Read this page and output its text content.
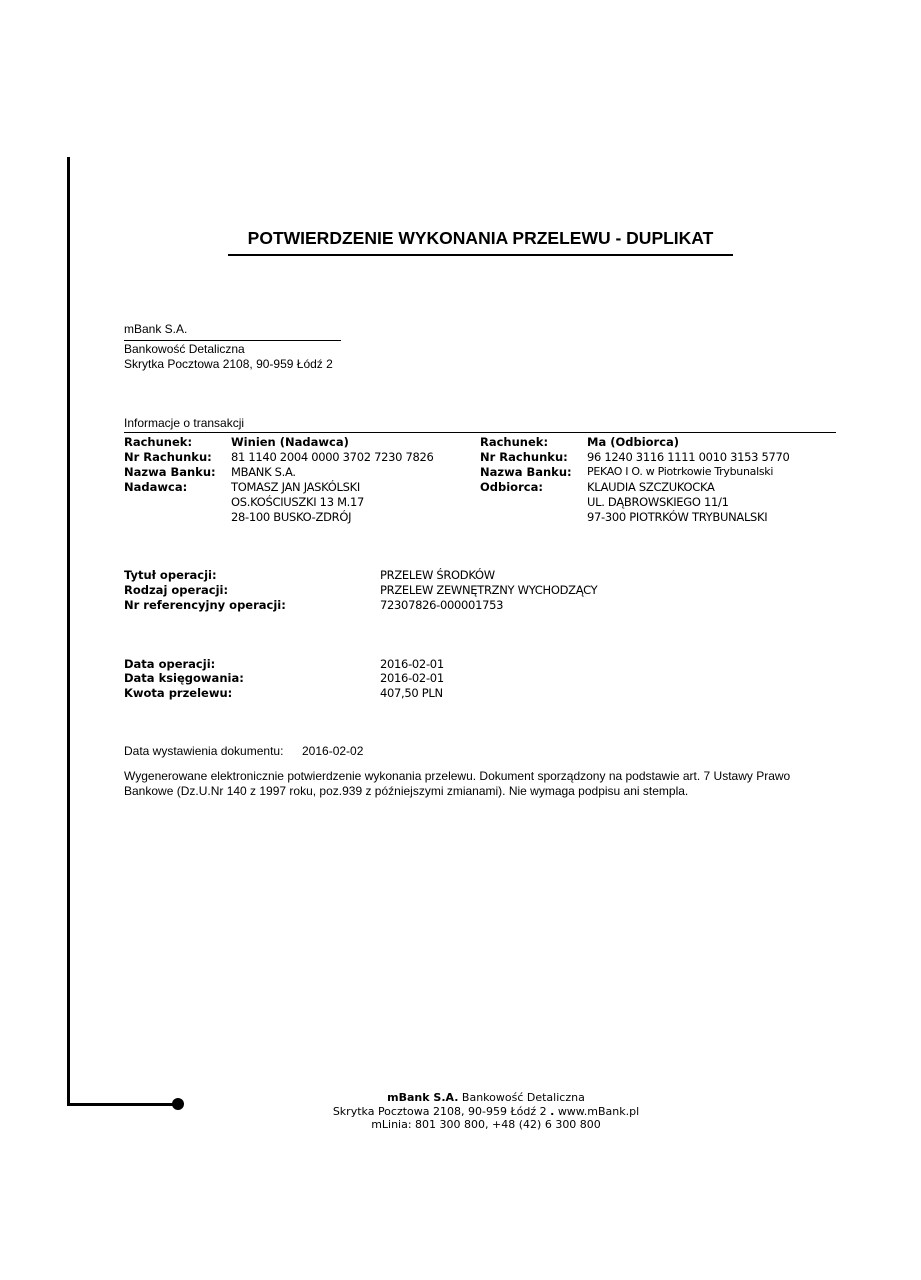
POTWIERDZENIE WYKONANIA PRZELEWU - DUPLIKAT
mBank S.A.
Bankowość Detaliczna
Skrytka Pocztowa 2108, 90-959 Łódź 2
Informacje o transakcji
Rachunek:	Winien (Nadawca)
Nr Rachunku: 81 1140 2004 0000 3702 7230 7826
Nazwa Banku: MBANK S.A.
Nadawca:	TOMASZ JAN JASKÓLSKI
OS.KOŚCIUSZKI 13 M.17
28-100 BUSKO-ZDRÓJ
Rachunek:	Ma (Odbiorca)
Nr Rachunku: 96 1240 3116 1111 0010 3153 5770
Nazwa Banku: PEKAO I O. w Piotrkowie Trybunalski
Odbiorca:	KLAUDIA SZCZUKOCKA
UL. DĄBROWSKIEGO 11/1
97-300 PIOTRKÓW TRYBUNALSKI
Tytuł operacji:	PRZELEW ŚRODKÓW
Rodzaj operacji:	PRZELEW ZEWNĘTRZNY WYCHODZĄCY
Nr referencyjny operacji:	72307826-000001753
Data operacji:	2016-02-01
Data księgowania:	2016-02-01
Kwota przelewu:	407,50 PLN
Data wystawienia dokumentu: 2016-02-02
Wygenerowane elektronicznie potwierdzenie wykonania przelewu. Dokument sporządzony na podstawie art. 7 Ustawy Prawo
Bankowe (Dz.U.Nr 140 z 1997 roku, poz.939 z późniejszymi zmianami). Nie wymaga podpisu ani stempla.
mBank S.A. Bankowość Detaliczna
Skrytka Pocztowa 2108, 90-959 Łódź 2 . www.mBank.pl
mLinia: 801 300 800, +48 (42) 6 300 800
